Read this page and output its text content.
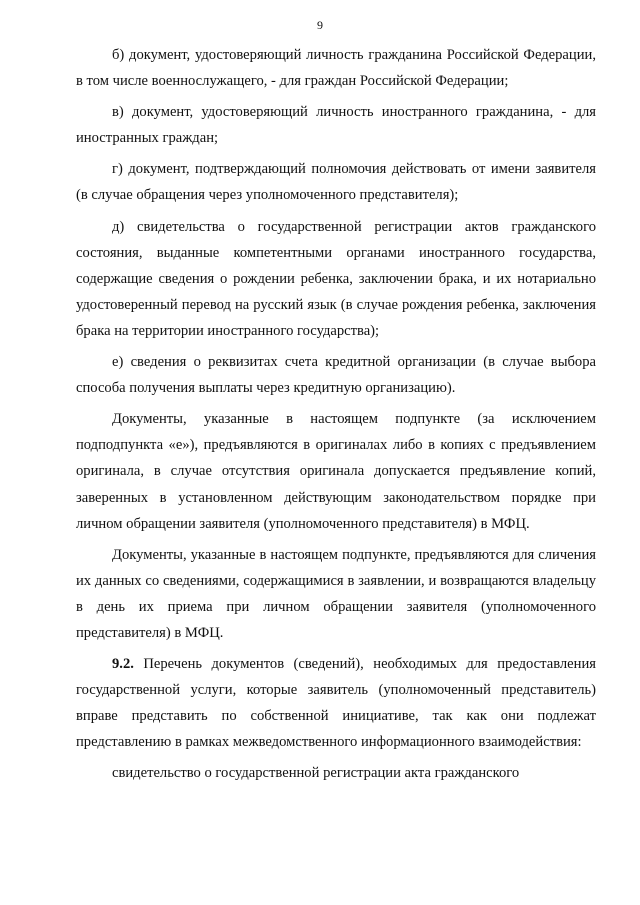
9

б) документ, удостоверяющий личность гражданина Российской Федерации, в том числе военнослужащего, - для граждан Российской Федерации;

в) документ, удостоверяющий личность иностранного гражданина, - для иностранных граждан;

г) документ, подтверждающий полномочия действовать от имени заявителя (в случае обращения через уполномоченного представителя);

д) свидетельства о государственной регистрации актов гражданского состояния, выданные компетентными органами иностранного государства, содержащие сведения о рождении ребенка, заключении брака, и их нотариально удостоверенный перевод на русский язык (в случае рождения ребенка, заключения брака на территории иностранного государства);

е) сведения о реквизитах счета кредитной организации (в случае выбора способа получения выплаты через кредитную организацию).

Документы, указанные в настоящем подпункте (за исключением подподпункта «е»), предъявляются в оригиналах либо в копиях с предъявлением оригинала, в случае отсутствия оригинала допускается предъявление копий, заверенных в установленном действующим законодательством порядке при личном обращении заявителя (уполномоченного представителя) в МФЦ.

Документы, указанные в настоящем подпункте, предъявляются для сличения их данных со сведениями, содержащимися в заявлении, и возвращаются владельцу в день их приема при личном обращении заявителя (уполномоченного представителя) в МФЦ.

9.2. Перечень документов (сведений), необходимых для предоставления государственной услуги, которые заявитель (уполномоченный представитель) вправе представить по собственной инициативе, так как они подлежат представлению в рамках межведомственного информационного взаимодействия:

свидетельство о государственной регистрации акта гражданского
